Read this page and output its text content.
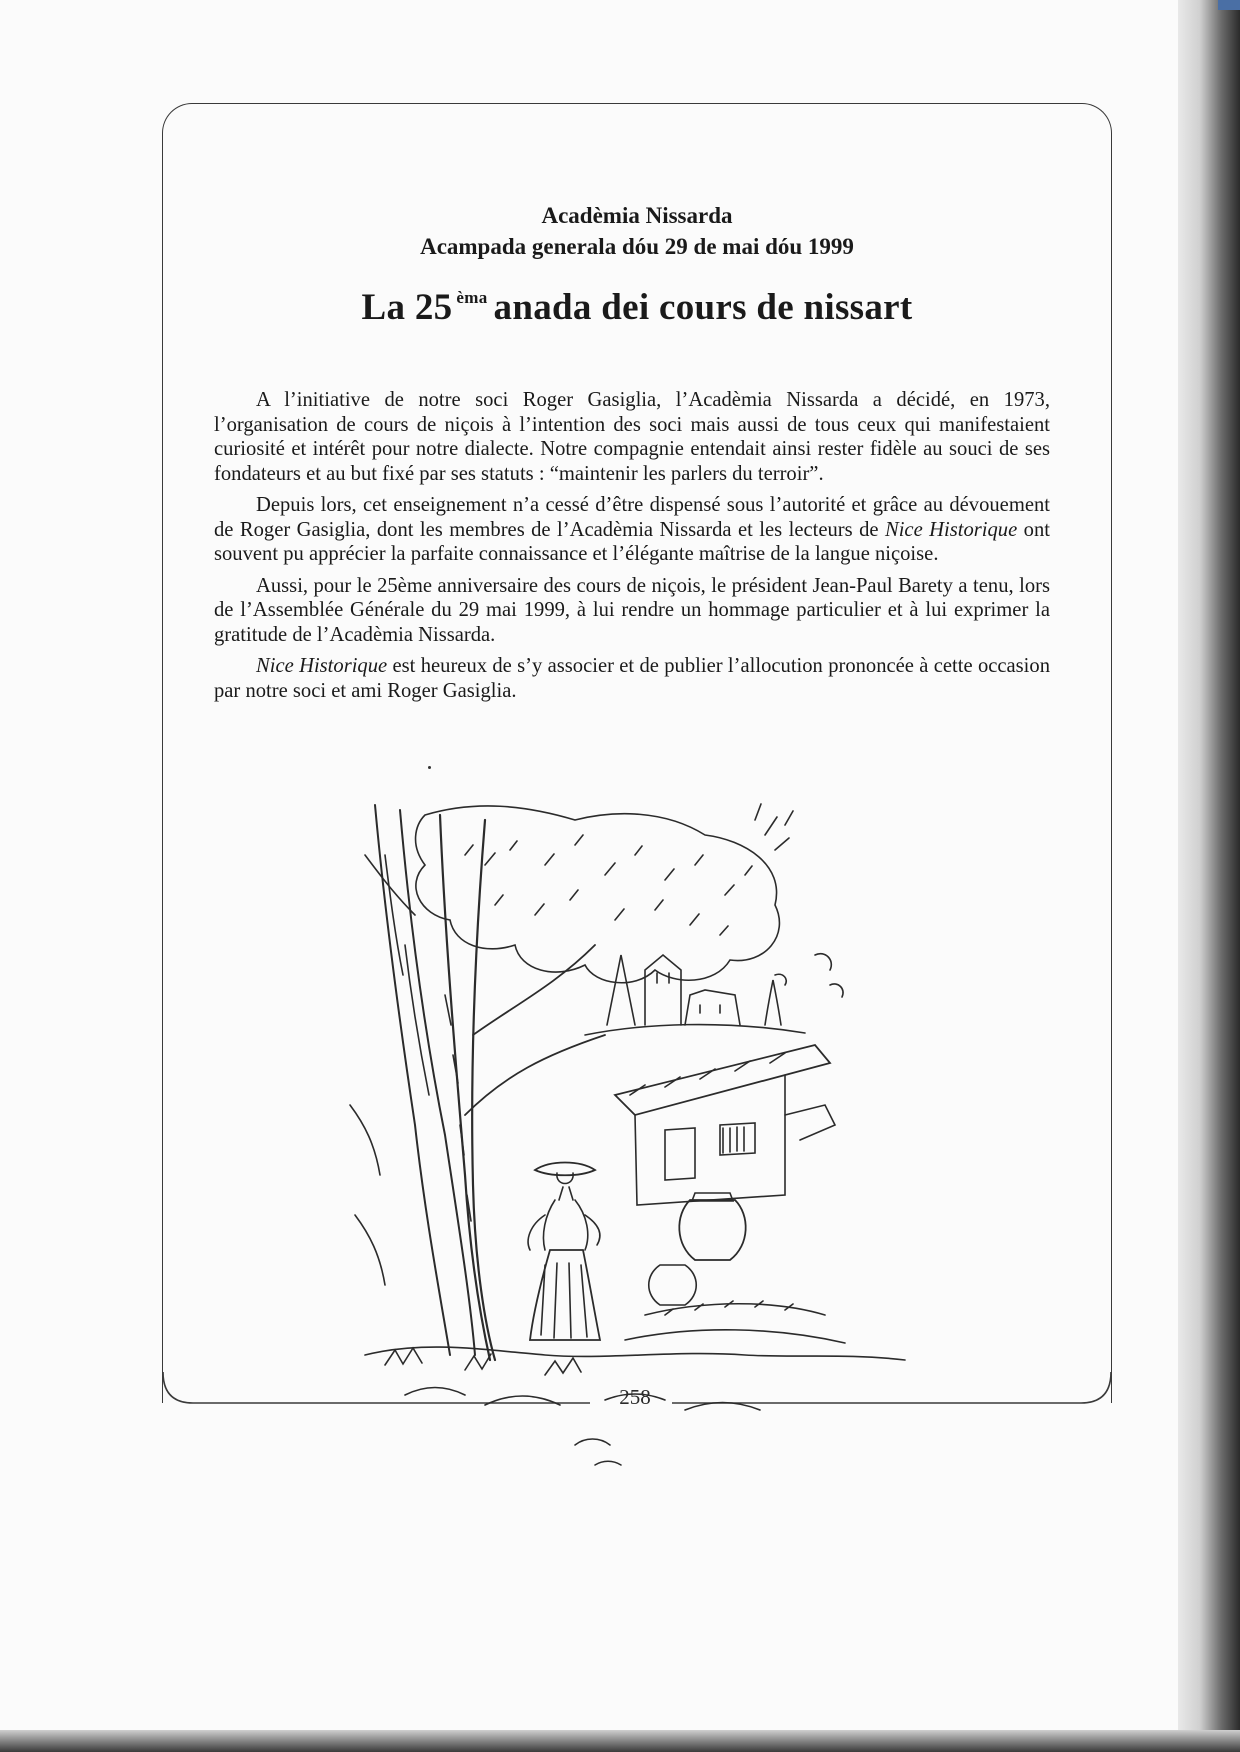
258
Acadèmia Nissarda
Acampada generala dóu 29 de mai dóu 1999
La 25 $^{èma}$ anada dei cours de nissart

A l’initiative de notre soci Roger Gasiglia, l’Acadèmia Nissarda a décidé, en 1973, l’organisation de cours de niçois à l’intention des soci mais aussi de tous ceux qui manifestaient curiosité et intérêt pour notre dialecte. Notre compagnie entendait ainsi rester fidèle au souci de ses fondateurs et au but fixé par ses statuts : “maintenir les parlers du terroir”.

Depuis lors, cet enseignement n’a cessé d’être dispensé sous l’autorité et grâce au dévouement de Roger Gasiglia, dont les membres de l’Acadèmia Nissarda et les lecteurs de Nice Historique ont souvent pu apprécier la parfaite connaissance et l’élégante maîtrise de la langue niçoise.

Aussi, pour le 25ème anniversaire des cours de niçois, le président Jean-Paul Barety a tenu, lors de l’Assemblée Générale du 29 mai 1999, à lui rendre un hommage particulier et à lui exprimer la gratitude de l’Acadèmia Nissarda.

Nice Historique est heureux de s’y associer et de publier l’allocution prononcée à cette occasion par notre soci et ami Roger Gasiglia.
